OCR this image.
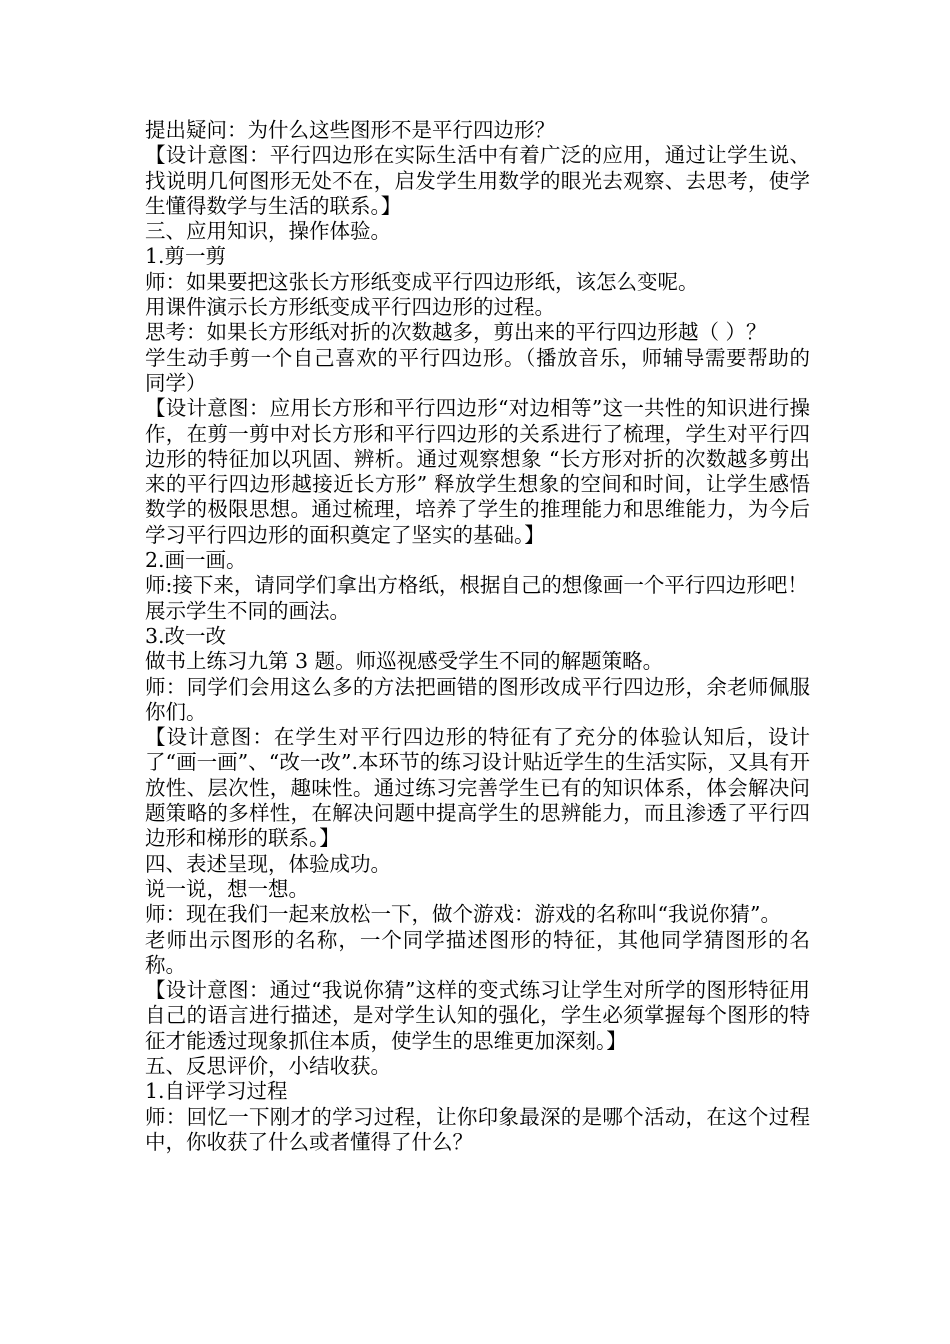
提出疑问：为什么这些图形不是平行四边形？

【设计意图：平行四边形在实际生活中有着广泛的应用，通过让学生说、找说明几何图形无处不在，启发学生用数学的眼光去观察、去思考，使学生懂得数学与生活的联系。】

三、应用知识，操作体验。

1.剪一剪

师：如果要把这张长方形纸变成平行四边形纸，该怎么变呢。

用课件演示长方形纸变成平行四边形的过程。

思考：如果长方形纸对折的次数越多，剪出来的平行四边形越（ ）？

学生动手剪一个自己喜欢的平行四边形。（播放音乐，师辅导需要帮助的同学）

【设计意图：应用长方形和平行四边形“对边相等”这一共性的知识进行操作，在剪一剪中对长方形和平行四边形的关系进行了梳理，学生对平行四边形的特征加以巩固、辨析。通过观察想象 “长方形对折的次数越多剪出来的平行四边形越接近长方形” 释放学生想象的空间和时间，让学生感悟数学的极限思想。通过梳理，培养了学生的推理能力和思维能力，为今后学习平行四边形的面积奠定了坚实的基础。】

2.画一画。

师:接下来，请同学们拿出方格纸，根据自己的想像画一个平行四边形吧！

展示学生不同的画法。

3.改一改

做书上练习九第 3 题。师巡视感受学生不同的解题策略。

师：同学们会用这么多的方法把画错的图形改成平行四边形，余老师佩服你们。

【设计意图：在学生对平行四边形的特征有了充分的体验认知后，设计了“画一画”、“改一改”.本环节的练习设计贴近学生的生活实际，又具有开放性、层次性，趣味性。通过练习完善学生已有的知识体系，体会解决问题策略的多样性，在解决问题中提高学生的思辨能力，而且渗透了平行四边形和梯形的联系。】

四、表述呈现，体验成功。

说一说，想一想。

师：现在我们一起来放松一下，做个游戏：游戏的名称叫“我说你猜”。

老师出示图形的名称，一个同学描述图形的特征，其他同学猜图形的名称。

【设计意图：通过“我说你猜”这样的变式练习让学生对所学的图形特征用自己的语言进行描述，是对学生认知的强化，学生必须掌握每个图形的特征才能透过现象抓住本质，使学生的思维更加深刻。】

五、反思评价，小结收获。

1.自评学习过程

师：回忆一下刚才的学习过程，让你印象最深的是哪个活动，在这个过程中，你收获了什么或者懂得了什么？
